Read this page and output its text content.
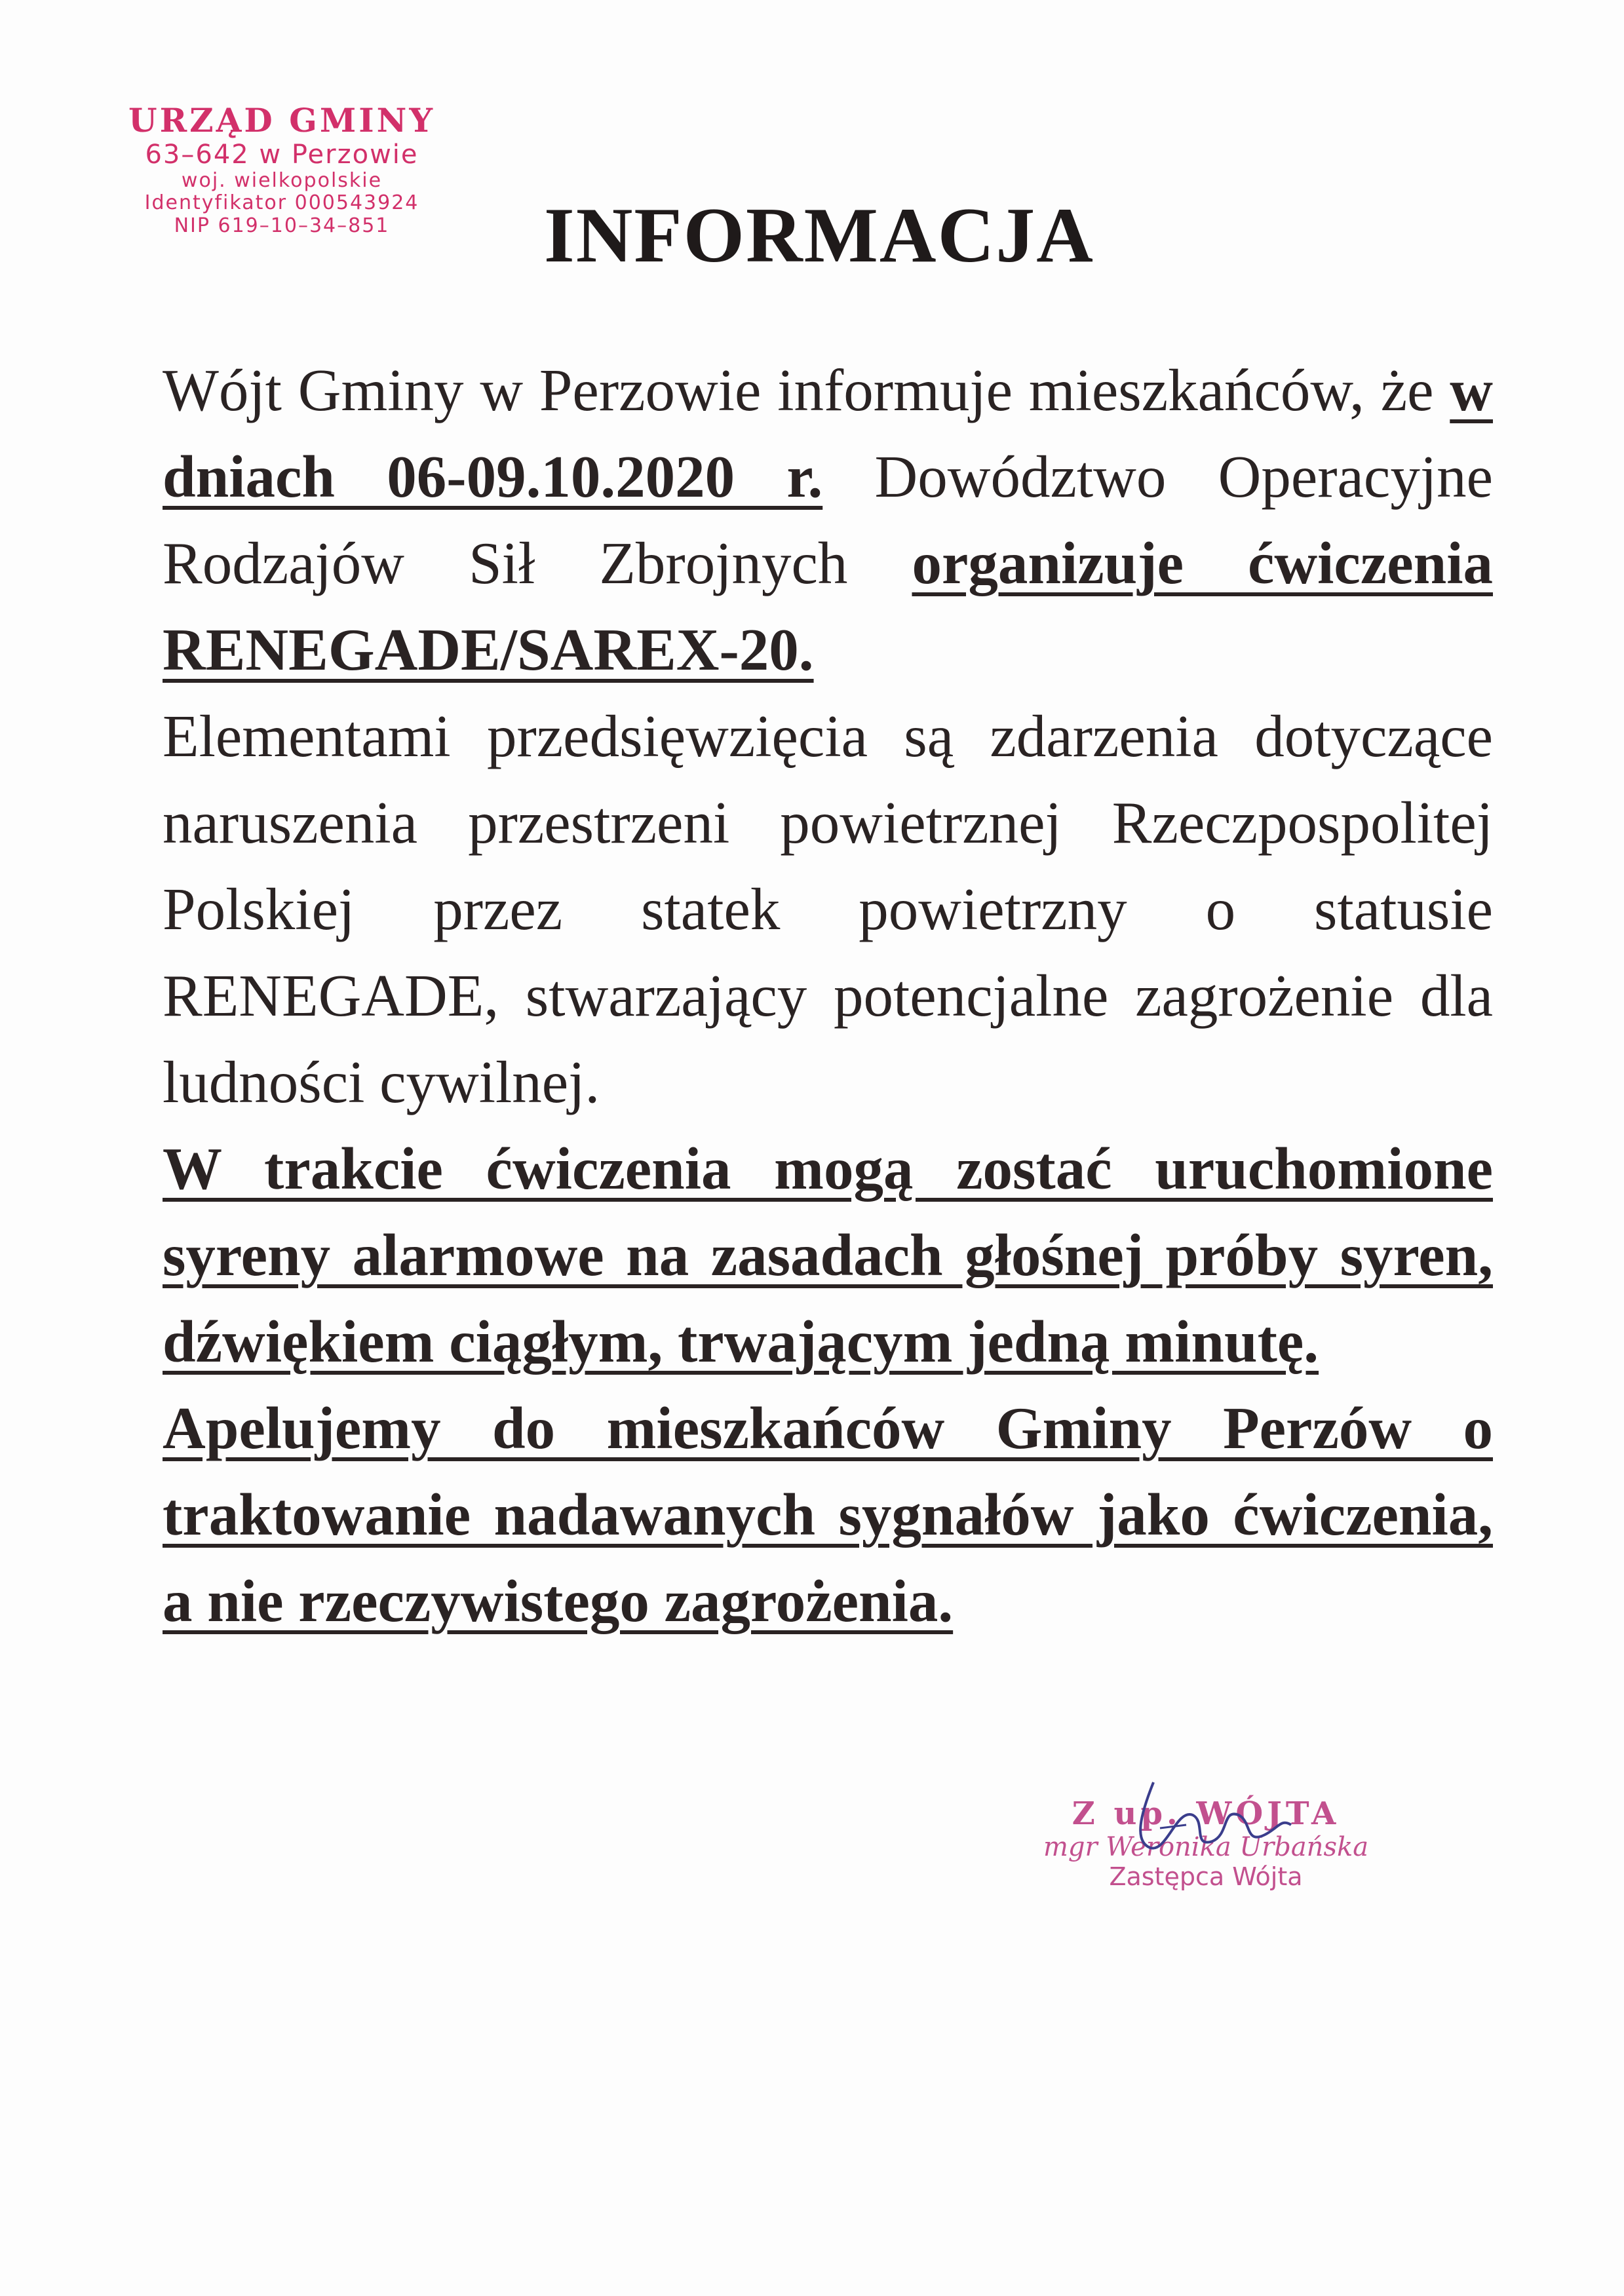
URZĄD GMINY
63–642 w Perzowie
woj. wielkopolskie
Identyfikator 000543924
NIP 619–10–34–851	INFORMACJA

Wójt Gminy w Perzowie informuje mieszkańców, że w dniach 06-09.10.2020 r. Dowództwo Operacyjne Rodzajów Sił Zbrojnych organizuje ćwiczenia RENEGADE/SAREX-20.

Elementami przedsięwzięcia są zdarzenia dotyczące naruszenia przestrzeni powietrznej Rzeczpospolitej Polskiej przez statek powietrzny o statusie RENEGADE, stwarzający potencjalne zagrożenie dla ludności cywilnej.

W trakcie ćwiczenia mogą zostać uruchomione syreny alarmowe na zasadach głośnej próby syren, dźwiękiem ciągłym, trwającym jedną minutę.

Apelujemy do mieszkańców Gminy Perzów o traktowanie nadawanych sygnałów jako ćwiczenia, a nie rzeczywistego zagrożenia.

Z up. WÓJTA
mgr Weronika Urbańska
Zastępca Wójta
